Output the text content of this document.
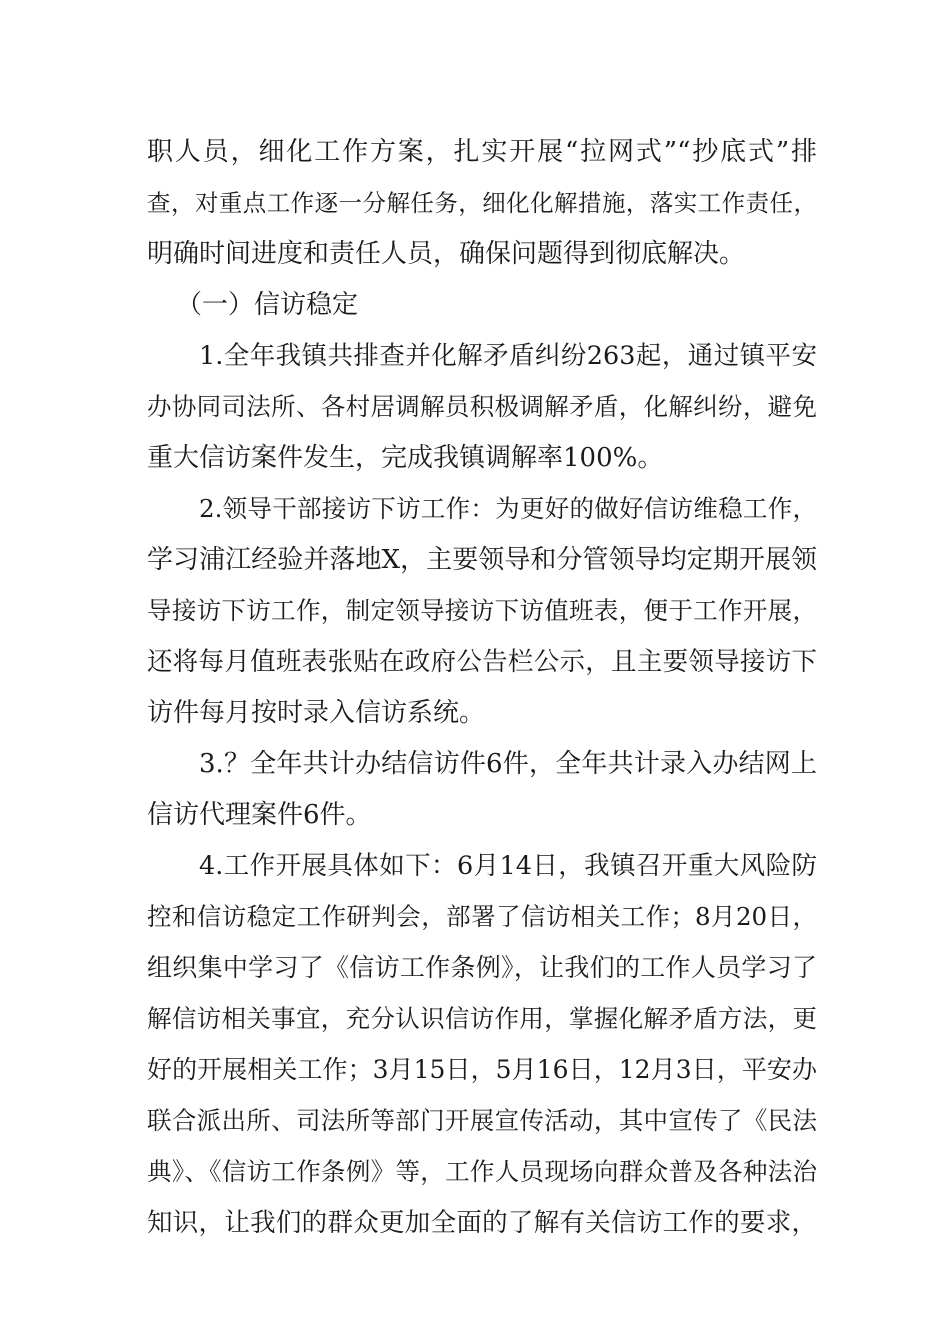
职人员，细化工作方案，扎实开展“拉网式”“抄底式”排
查，对重点工作逐一分解任务，细化化解措施，落实工作责任，
明确时间进度和责任人员，确保问题得到彻底解决。
（一）信访稳定
1.全年我镇共排查并化解矛盾纠纷263起，通过镇平安
办协同司法所、各村居调解员积极调解矛盾，化解纠纷，避免
重大信访案件发生，完成我镇调解率100%。
2.领导干部接访下访工作：为更好的做好信访维稳工作，
学习浦江经验并落地X，主要领导和分管领导均定期开展领
导接访下访工作，制定领导接访下访值班表，便于工作开展，
还将每月值班表张贴在政府公告栏公示，且主要领导接访下
访件每月按时录入信访系统。
3.？全年共计办结信访件6件，全年共计录入办结网上
信访代理案件6件。
4.工作开展具体如下：6月14日，我镇召开重大风险防
控和信访稳定工作研判会，部署了信访相关工作；8月20日，
组织集中学习了《信访工作条例》，让我们的工作人员学习了
解信访相关事宜，充分认识信访作用，掌握化解矛盾方法，更
好的开展相关工作；3月15日，5月16日，12月3日，平安办
联合派出所、司法所等部门开展宣传活动，其中宣传了《民法
典》、《信访工作条例》等，工作人员现场向群众普及各种法治
知识，让我们的群众更加全面的了解有关信访工作的要求，
